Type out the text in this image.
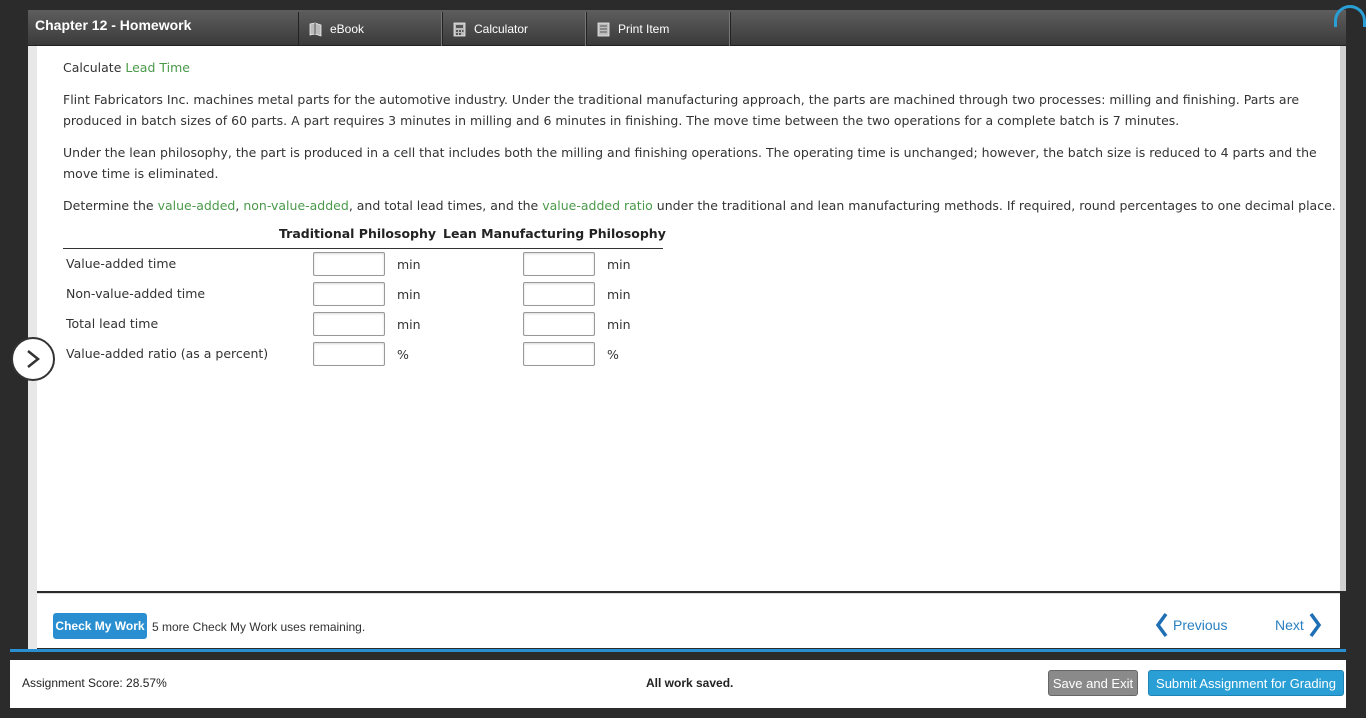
Chapter 12 - Homework	eBook	Calculator	Print Item
Calculate Lead Time
Flint Fabricators Inc. machines metal parts for the automotive industry. Under the traditional manufacturing approach, the parts are machined through two processes: milling and finishing. Parts are produced in batch sizes of 60 parts. A part requires 3 minutes in milling and 6 minutes in finishing. The move time between the two operations for a complete batch is 7 minutes.
Under the lean philosophy, the part is produced in a cell that includes both the milling and finishing operations. The operating time is unchanged; however, the batch size is reduced to 4 parts and the move time is eliminated.
Determine the value-added, non-value-added, and total lead times, and the value-added ratio under the traditional and lean manufacturing methods. If required, round percentages to one decimal place.
Traditional Philosophy Lean Manufacturing Philosophy
Value-added time	min	min
Non-value-added time	min	min
Total lead time	min	min
Value-added ratio (as a percent)	%	%
Check My Work 5 more Check My Work uses remaining.	Previous	Next
Assignment Score: 28.57%	All work saved.	Save and Exit	Submit Assignment for Grading
